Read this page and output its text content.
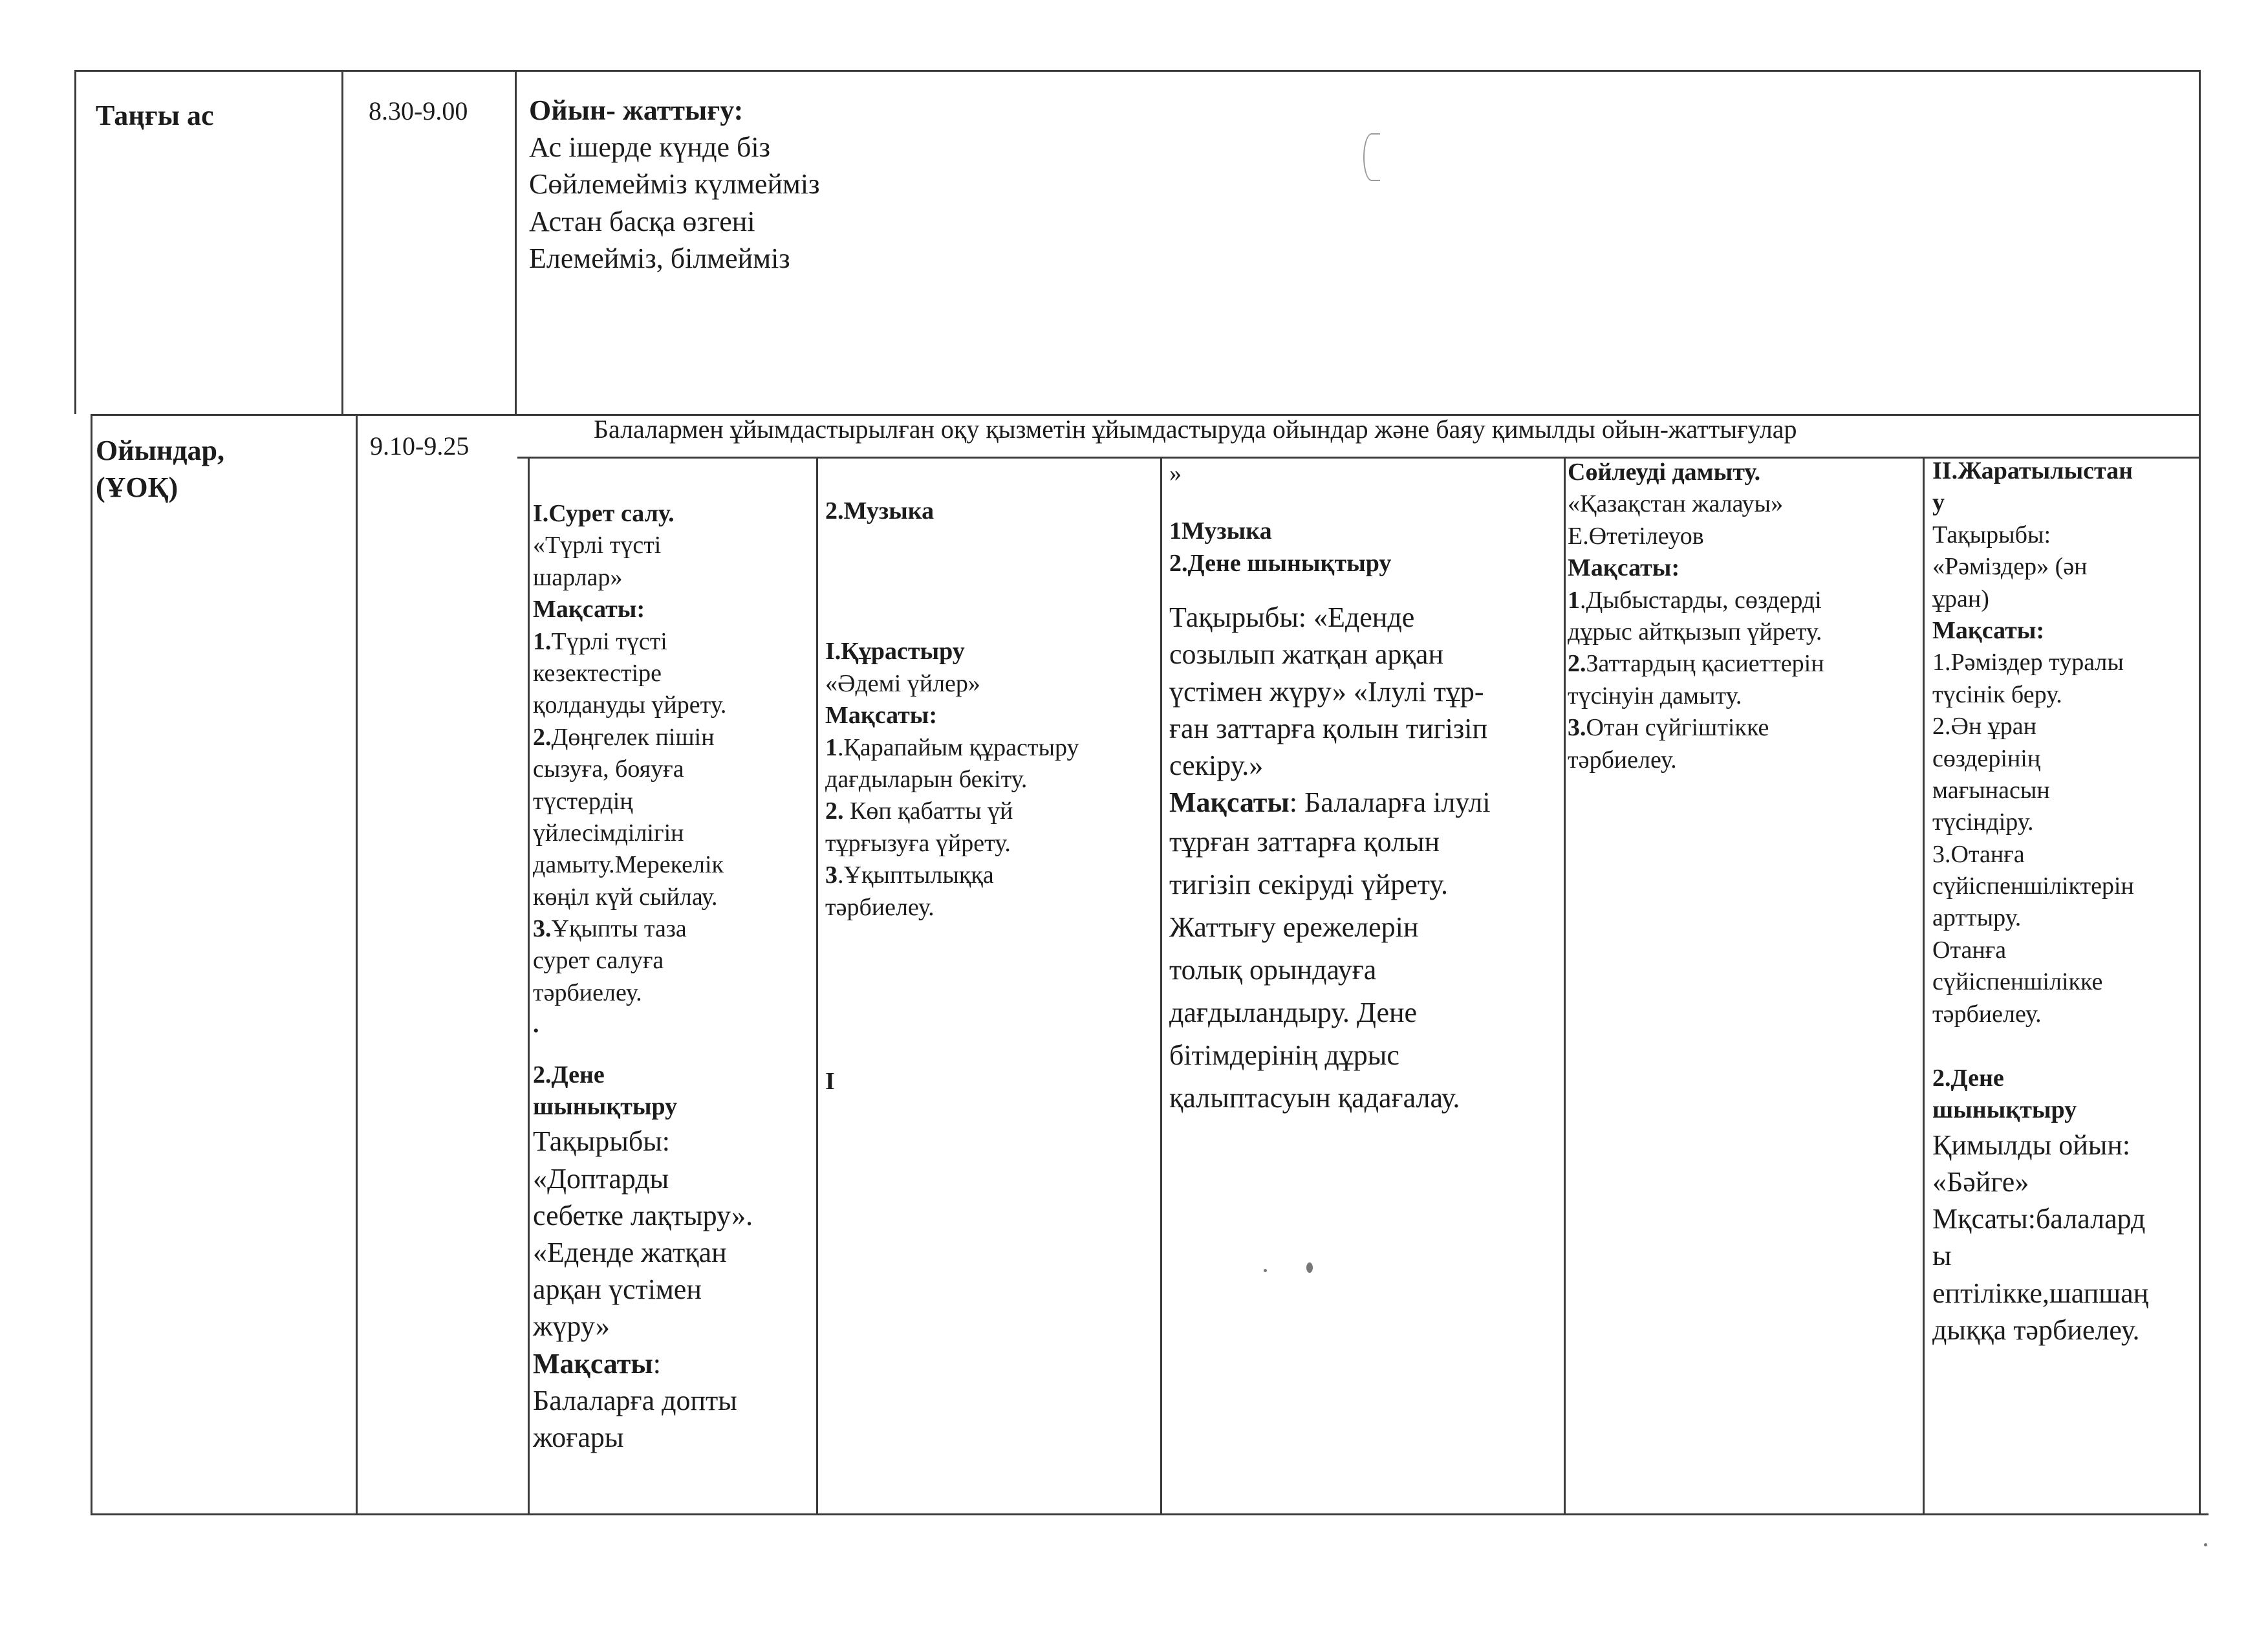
Таңғы ас	8.30-9.00 Ойын- жаттығу:
Ас ішерде күнде біз
Сөйлемейміз күлмейміз
Астан басқа өзгені
Елемейміз, білмейміз
Ойындар,
(ҰОҚ)
9.10-9.25
Балалармен ұйымдастырылған оқу қызметін ұйымдастыруда ойындар және баяу қимылды ойын-жаттығулар
І.Сурет салу.
«Түрлі түсті
шарлар»
Мақсаты:
1.Түрлі түсті
кезектестіре
қолдануды үйрету.
2.Дөңгелек пішін
сызуға, бояуға
түстердің
үйлесімділігін
дамыту.Мерекелік
көңіл күй сыйлау.
3.Ұқыпты таза
сурет салуға
тәрбиелеу.
.
2.Дене
шынықтыру
Тақырыбы:
«Доптарды
себетке лақтыру».
«Еденде жатқан
арқан үстімен
жүру»
Мақсаты:
Балаларға допты
жоғары
2.Музыка
І.Құрастыру
«Әдемі үйлер»
Мақсаты:
1.Қарапайым құрастыру
дағдыларын бекіту.
2. Көп қабатты үй
тұрғызуға үйрету.
3.Ұқыптылыққа
тәрбиелеу.
І
»
1Музыка
2.Дене шынықтыру
Тақырыбы: «Еденде
созылып жатқан арқан
үстімен жүру» «Ілулі тұр-
ған заттарға қолын тигізіп
секіру.»
Мақсаты: Балаларға ілулі
тұрған заттарға қолын
тигізіп секіруді үйрету.
Жаттығу ережелерін
толық орындауға
дағдыландыру. Дене
бітімдерінің дұрыс
қалыптасуын қадағалау.
Сөйлеуді дамыту.
«Қазақстан жалауы»
Е.Өтетілеуов
Мақсаты:
1.Дыбыстарды, сөздерді
дұрыс айтқызып үйрету.
2.Заттардың қасиеттерін
түсінуін дамыту.
3.Отан сүйгіштікке
тәрбиелеу.
ІІ.Жаратылыстан
у
Тақырыбы:
«Рәміздер» (ән
ұран)
Мақсаты:
1.Рәміздер туралы
түсінік беру.
2.Ән ұран
сөздерінің
мағынасын
түсіндіру.
3.Отанға
сүйіспеншіліктерін
арттыру.
Отанға
сүйіспеншілікке
тәрбиелеу.
2.Дене
шынықтыру
Қимылды ойын:
«Бәйге»
Мқсаты:балалард
ы
ептілікке,шапшаң
дыққа тәрбиелеу.
